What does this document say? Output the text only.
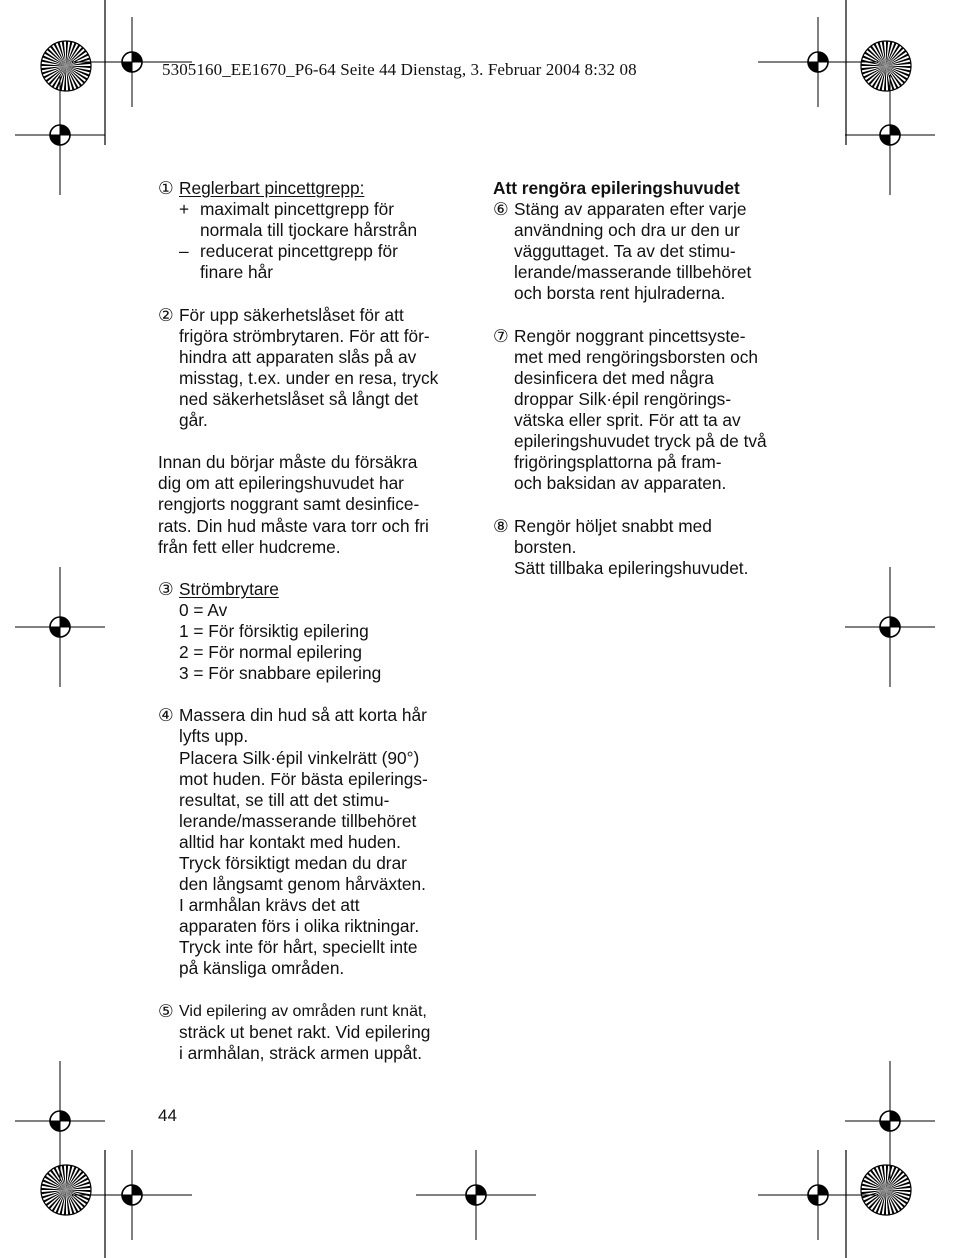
5305160_EE1670_P6-64 Seite 44 Dienstag, 3. Februar 2004 8:32 08
① Reglerbart pincettgrepp:
+ maximalt pincettgrepp för
normala till tjockare hårstrån
– reducerat pincettgrepp för
finare hår
② För upp säkerhetslåset för att
frigöra strömbrytaren. För att för-
hindra att apparaten slås på av
misstag, t.ex. under en resa, tryck
ned säkerhetslåset så långt det
går.
Innan du börjar måste du försäkra
dig om att epileringshuvudet har
rengjorts noggrant samt desinfice-
rats. Din hud måste vara torr och fri
från fett eller hudcreme.
③ Strömbrytare
0 = Av
1 = För försiktig epilering
2 = För normal epilering
3 = För snabbare epilering
④ Massera din hud så att korta hår
lyfts upp.
Placera Silk·épil vinkelrätt (90°)
mot huden. För bästa epilerings-
resultat, se till att det stimu-
lerande/masserande tillbehöret
alltid har kontakt med huden.
Tryck försiktigt medan du drar
den långsamt genom hårväxten.
I armhålan krävs det att
apparaten förs i olika riktningar.
Tryck inte för hårt, speciellt inte
på känsliga områden.
⑤ Vid epilering av områden runt knät,
sträck ut benet rakt. Vid epilering
i armhålan, sträck armen uppåt.
Att rengöra epileringshuvudet
⑥ Stäng av apparaten efter varje
användning och dra ur den ur
vägguttaget. Ta av det stimu-
lerande/masserande tillbehöret
och borsta rent hjulraderna.
⑦ Rengör noggrant pincettsyste-
met med rengöringsborsten och
desinficera det med några
droppar Silk·épil rengörings-
vätska eller sprit. För att ta av
epileringshuvudet tryck på de två
frigöringsplattorna på fram-
och baksidan av apparaten.
⑧ Rengör höljet snabbt med
borsten.
Sätt tillbaka epileringshuvudet.
44
